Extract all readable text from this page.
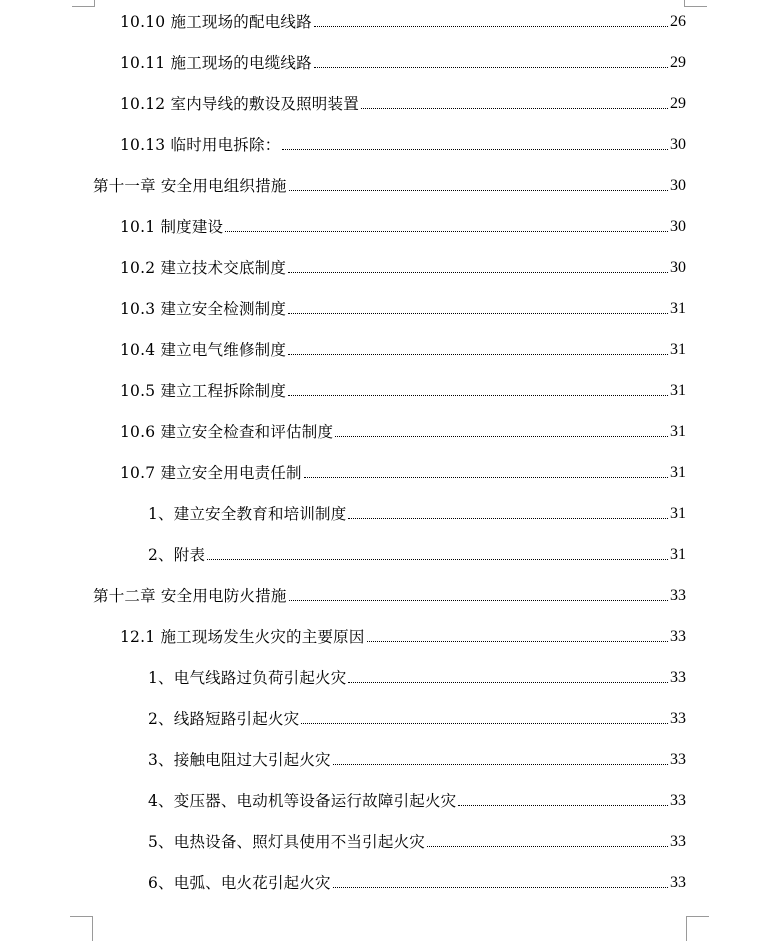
10.10 施工现场的配电线路	26
10.11 施工现场的电缆线路	29
10.12 室内导线的敷设及照明装置	29
10.13 临时用电拆除：	30
第十一章 安全用电组织措施	30
10.1 制度建设	30
10.2 建立技术交底制度	30
10.3 建立安全检测制度	31
10.4 建立电气维修制度	31
10.5 建立工程拆除制度	31
10.6 建立安全检查和评估制度	31
10.7 建立安全用电责任制	31
1、建立安全教育和培训制度	31
2、附表	31
第十二章 安全用电防火措施	33
12.1 施工现场发生火灾的主要原因	33
1、电气线路过负荷引起火灾	33
2、线路短路引起火灾	33
3、接触电阻过大引起火灾	33
4、变压器、电动机等设备运行故障引起火灾	33
5、电热设备、照灯具使用不当引起火灾	33
6、电弧、电火花引起火灾	33
